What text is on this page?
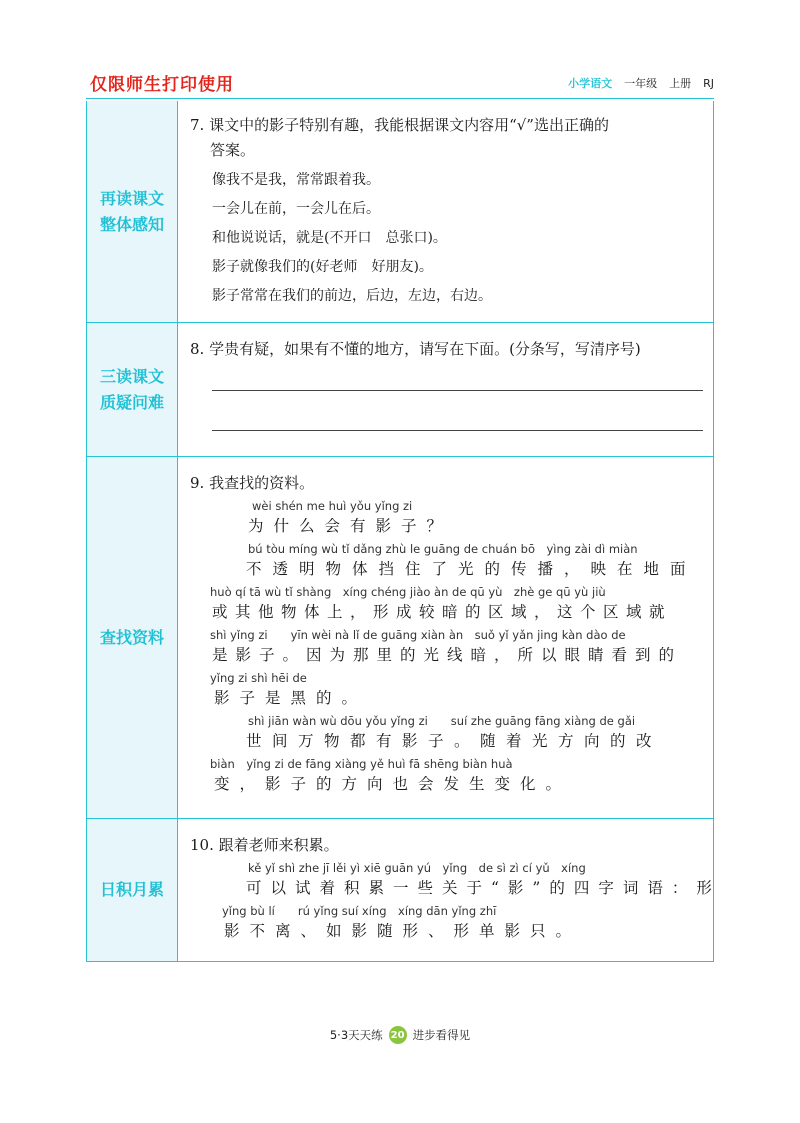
仅限师生打印使用	小学语文 一年级 上册 RJ
再读课文
整体感知
7. 课文中的影子特别有趣，我能根据课文内容用“√”选出正确的
答案。
像我不是我，常常跟着我。
一会儿在前，一会儿在后。
和他说说话，就是(不开口　总张口)。
影子就像我们的(好老师　好朋友)。
影子常常在我们的前边，后边，左边，右边。
三读课文
质疑问难
8. 学贵有疑，如果有不懂的地方，请写在下面。(分条写，写清序号)
查找资料
9. 我查找的资料。
wèi shén me huì yǒu yǐng zi
为什么会有影子？
bú tòu míng wù tǐ dǎng zhù le guāng de chuán bō　yìng zài dì miàn
不透明物体挡住了光的传播，映在地面
huò qí tā wù tǐ shàng　xíng chéng jiào àn de qū yù　zhè ge qū yù jiù
或其他物体上，形成较暗的区域，这个区域就
shì yǐng zi　　yīn wèi nà lǐ de guāng xiàn àn　suǒ yǐ yǎn jing kàn dào de
是影子。因为那里的光线暗，所以眼睛看到的
yǐng zi shì hēi de
影子是黑的。
shì jiān wàn wù dōu yǒu yǐng zi　　suí zhe guāng fāng xiàng de gǎi
世间万物都有影子。随着光方向的改
biàn　yǐng zi de fāng xiàng yě huì fā shēng biàn huà
变，影子的方向也会发生变化。
日积月累
10. 跟着老师来积累。
kě yǐ shì zhe jī lěi yì xiē guān yú　yǐng　de sì zì cí yǔ　xíng
可以试着积累一些关于“影”的四字词语：形
yǐng bù lí　　rú yǐng suí xíng　xíng dān yǐng zhī
影不离、如影随形、形单影只。
5·3天天练 20 进步看得见
